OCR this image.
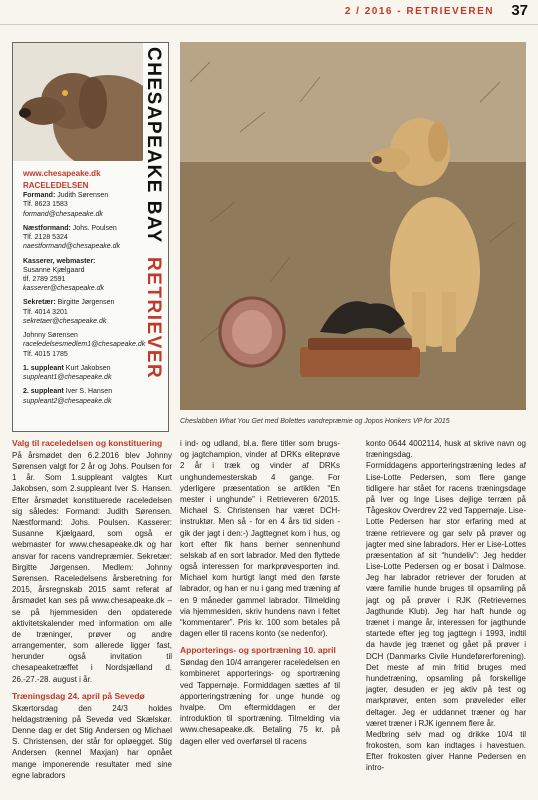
2 / 2016 - RETRIEVEREN 37
CHESAPEAKE BAY
RETRIEVER
www.chesapeake.dk
RACELEDELSEN
Formand: Judith Sørensen
Tlf. 8623 1583
formand@chesapeake.dk
Næstformand: Johs. Poulsen
Tlf. 2128 5324
naestformand@chesapeake.dk
Kasserer, webmaster:
Susanne Kjælgaard
tlf. 2789 2591
kasserer@chesapeake.dk
Sekretær: Birgitte Jørgensen
Tlf. 4014 3201
sekretaer@chesapeake.dk
Johnny Sørensen
raceledelsesmedlem1@chesapeake.dk
Tlf. 4015 1785
1. suppleant Kurt Jakobsen
suppleant1@chesapeake.dk
2. suppleant Iver S. Hansen
suppleant2@chesapeake.dk
Cheslabben What You Get med Bolettes vandrepræmie og Jopos Honkers VP for 2015

Valg til raceledelsen og konstituering

På årsmødet den 6.2.2016 blev Johnny Sørensen valgt for 2 år og Johs. Poulsen for 1 år. Som 1.suppleant valgtes Kurt Jakobsen, som 2.suppleant Iver S. Hansen. Efter årsmødet konstituerede raceledelsen sig således: Formand: Judith Sørensen. Næstformand: Johs. Poulsen. Kasserer: Susanne Kjælgaard, som også er webmaster for www.chesapeake.dk og har ansvar for racens vandrepræmier. Sekretær: Birgitte Jørgensen. Medlem: Johnny Sørensen. Raceledelsens årsberetning for 2015, årsregnskab 2015 samt referat af årsmødet kan ses på www.chesapeake.dk – se på hjemmesiden den opdaterede aktivitetskalender med information om alle de træninger, prøver og andre arrangementer, som allerede ligger fast, herunder også invitation til chesapeaketræffet i Nordsjælland d. 26.-27.-28. august i år.

Træningsdag 24. april på Sevedø

Skærtorsdag den 24/3 holdes heldagstræning på Sevedø ved Skælskør. Denne dag er det Stig Andersen og Michael S. Christensen, der står for opløegget. Stig Andersen (kennel Maxjan) har opnået mange imponerende resultater med sine egne labradors

i ind- og udland, bl.a. flere titler som brugs- og jagtchampion, vinder af DRKs eliteprøve 2 år i træk og vinder af DRKs unghundemesterskab 4 gange. For yderligere præsentation se artiklen “En mester i unghunde” i Retrieveren 6/2015. Michael S. Christensen har været DCH-instruktør. Men så - for en 4 års tid siden - gik der jagt i den:-) Jagttegnet kom i hus, og kort efter fik hans berner sennenhund selskab af en sort labrador. Med den flyttede også interessen for markprøvesporten ind. Michael kom hurtigt langt med den første labrador, og han er nu i gang med træning af en 9 måneder gammel labrador. Tilmelding via hjemmesiden, skriv hundens navn i feltet “kommentarer”. Pris kr. 100 som betales på dagen eller til racens konto (se nedenfor).

Apporterings- og sportræning 10. april

Søndag den 10/4 arrangerer raceledelsen en kombineret apporterings- og sportræning ved Tappernøje. Formiddagen sættes af til apporteringstræning for unge hunde og hvalpe. Om eftermiddagen er der introduktion til sportræning. Tilmelding via www.chesapeake.dk. Betaling 75 kr. på dagen eller ved overførsel til racens

konto 0644 4002114, husk at skrive navn og træningsdag.

Formiddagens apporteringstræning ledes af Lise-Lotte Pedersen, som flere gange tidligere har stået for racens træningsdage på Iver og Inge Lises dejlige terræn på Tågeskov Overdrev 22 ved Tappernøje. Lise-Lotte Pedersen har stor erfaring med at træne retrievere og gar selv på prøver og jagter med sine labradors. Her er Lise-Lottes præsentation af sit “hundeliv”: Jeg hedder Lise-Lotte Pedersen og er bosat i Dalmose. Jeg har labrador retriever der foruden at være familie hunde bruges til opsamling på jagt og på prøver i RJK (Retrievernes Jagthunde Klub). Jeg har haft hunde og trænet i mange år, interessen for jagthunde startede efter jeg tog jagttegn i 1993, indtil da havde jeg trænet og gået på prøver i DCH (Danmarks Civile Hundeførerforening). Det meste af min fritid bruges med hundetræning, opsamling på forskellige jagter, desuden er jeg aktiv på test og markprøver, enten som prøveleder eller deltager. Jeg er uddannet træner og har været træner i RJK igennem flere år.

Medbring selv mad og drikke 10/4 til frokosten, som kan indtages i havestuen. Efter frokosten giver Hanne Pedersen en intro-
